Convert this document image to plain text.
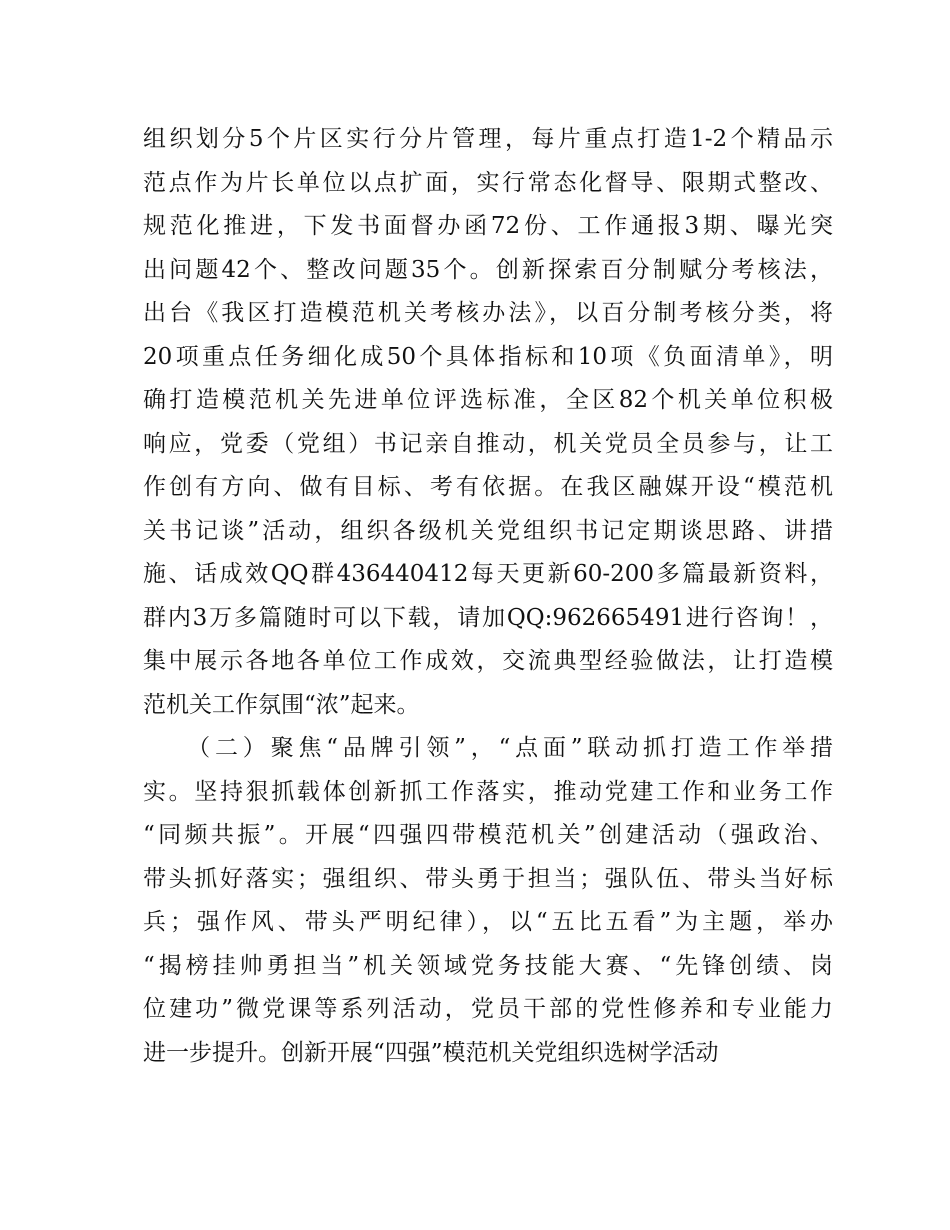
组织划分5个片区实行分片管理，每片重点打造1-2个精品示
范点作为片长单位以点扩面，实行常态化督导、限期式整改、
规范化推进，下发书面督办函72份、工作通报3期、曝光突
出问题42个、整改问题35个。创新探索百分制赋分考核法，
出台《我区打造模范机关考核办法》，以百分制考核分类，将
20项重点任务细化成50个具体指标和10项《负面清单》，明
确打造模范机关先进单位评选标准，全区82个机关单位积极
响应，党委（党组）书记亲自推动，机关党员全员参与，让工
作创有方向、做有目标、考有依据。在我区融媒开设“模范机
关书记谈”活动，组织各级机关党组织书记定期谈思路、讲措
施、话成效QQ群436440412每天更新60-200多篇最新资料，
群内3万多篇随时可以下载，请加QQ:962665491进行咨询！，
集中展示各地各单位工作成效，交流典型经验做法，让打造模
范机关工作氛围“浓”起来。
　　（二）聚焦“品牌引领”，“点面”联动抓打造工作举措
实。坚持狠抓载体创新抓工作落实，推动党建工作和业务工作
“同频共振”。开展“四强四带模范机关”创建活动（强政治、
带头抓好落实；强组织、带头勇于担当；强队伍、带头当好标
兵；强作风、带头严明纪律），以“五比五看”为主题，举办
“揭榜挂帅勇担当”机关领域党务技能大赛、“先锋创绩、岗
位建功”微党课等系列活动，党员干部的党性修养和专业能力
进一步提升。创新开展“四强”模范机关党组织选树学活动
